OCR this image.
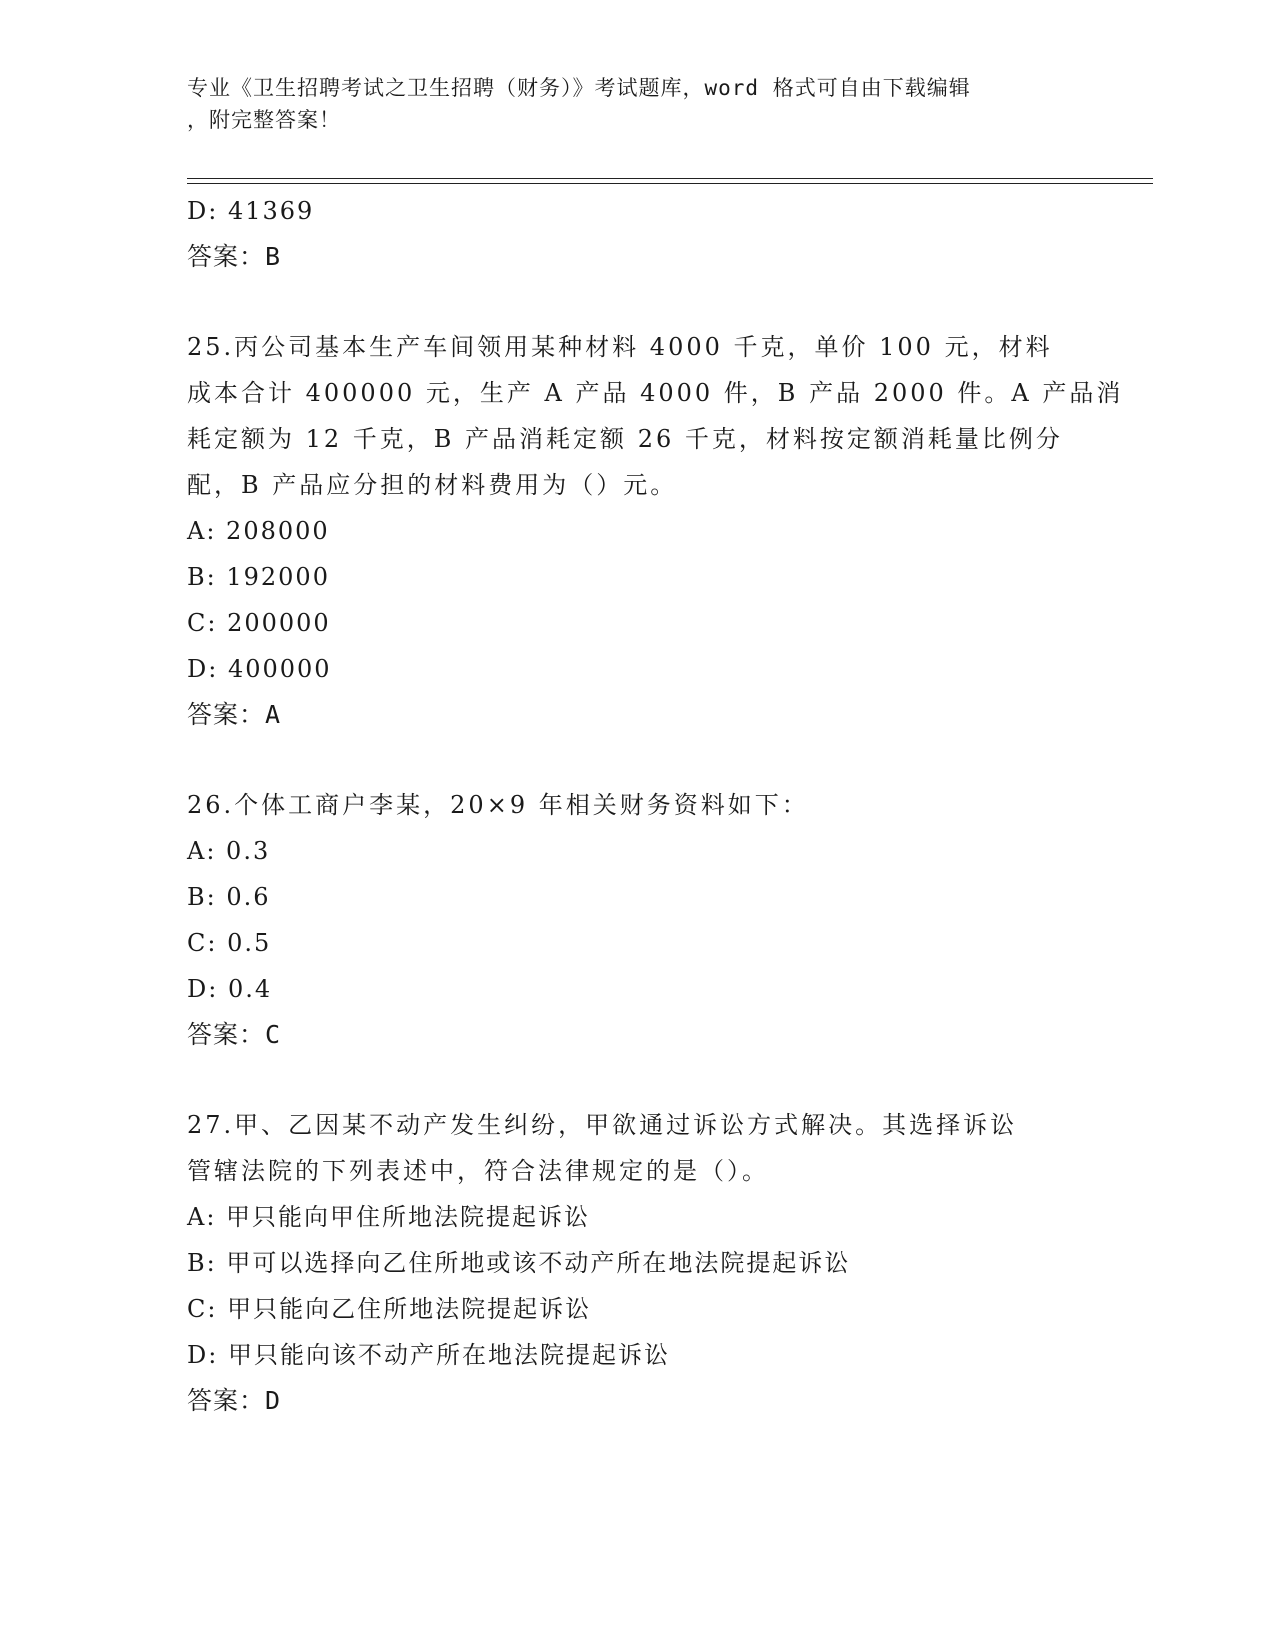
专业《卫生招聘考试之卫生招聘（财务）》考试题库，word 格式可自由下载编辑
，附完整答案！
D: 41369
答案：B
25.丙公司基本生产车间领用某种材料 4000 千克，单价 100 元，材料
成本合计 400000 元，生产 A 产品 4000 件，B 产品 2000 件。A 产品消
耗定额为 12 千克，B 产品消耗定额 26 千克，材料按定额消耗量比例分
配，B 产品应分担的材料费用为（）元。
A: 208000
B: 192000
C: 200000
D: 400000
答案：A
26.个体工商户李某，20×9 年相关财务资料如下：
A: 0.3
B: 0.6
C: 0.5
D: 0.4
答案：C
27.甲、乙因某不动产发生纠纷，甲欲通过诉讼方式解决。其选择诉讼
管辖法院的下列表述中，符合法律规定的是（）。
A: 甲只能向甲住所地法院提起诉讼
B: 甲可以选择向乙住所地或该不动产所在地法院提起诉讼
C: 甲只能向乙住所地法院提起诉讼
D: 甲只能向该不动产所在地法院提起诉讼
答案：D
